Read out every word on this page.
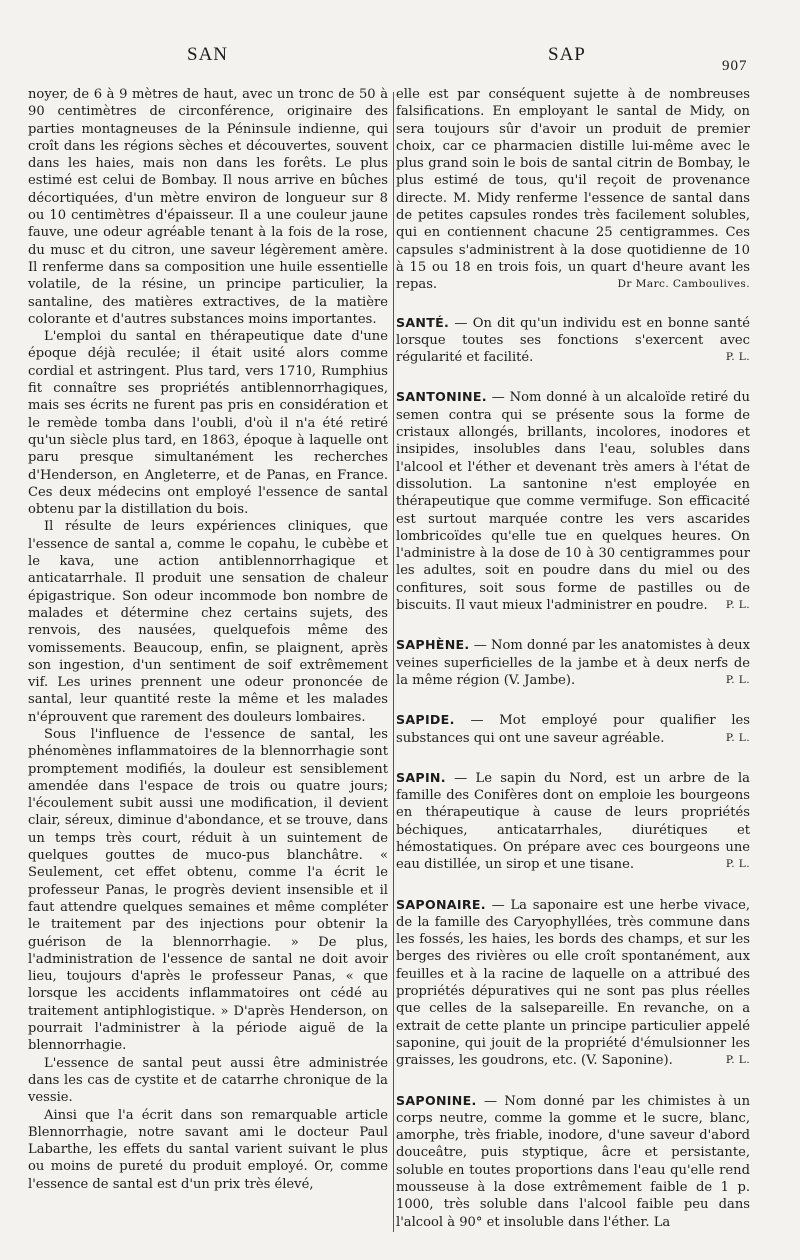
SAN	SAP
907

noyer, de 6 à 9 mètres de haut, avec un tronc de 50 à 90 centimètres de circonférence, originaire des parties montagneuses de la Péninsule indienne, qui croît dans les régions sèches et découvertes, souvent dans les haies, mais non dans les forêts. Le plus estimé est celui de Bombay. Il nous arrive en bûches décortiquées, d'un mètre environ de longueur sur 8 ou 10 centimètres d'épaisseur. Il a une couleur jaune fauve, une odeur agréable tenant à la fois de la rose, du musc et du citron, une saveur légèrement amère. Il renferme dans sa composition une huile essentielle volatile, de la résine, un principe particulier, la santaline, des matières extractives, de la matière colorante et d'autres substances moins importantes.

L'emploi du santal en thérapeutique date d'une époque déjà reculée; il était usité alors comme cordial et astringent. Plus tard, vers 1710, Rumphius fit connaître ses propriétés antiblennorrhagiques, mais ses écrits ne furent pas pris en considération et le remède tomba dans l'oubli, d'où il n'a été retiré qu'un siècle plus tard, en 1863, époque à laquelle ont paru presque simultanément les recherches d'Henderson, en Angleterre, et de Panas, en France. Ces deux médecins ont employé l'essence de santal obtenu par la distillation du bois.

Il résulte de leurs expériences cliniques, que l'essence de santal a, comme le copahu, le cubèbe et le kava, une action antiblennorrhagique et anticatarrhale. Il produit une sensation de chaleur épigastrique. Son odeur incommode bon nombre de malades et détermine chez certains sujets, des renvois, des nausées, quelquefois même des vomissements. Beaucoup, enfin, se plaignent, après son ingestion, d'un sentiment de soif extrêmement vif. Les urines prennent une odeur prononcée de santal, leur quantité reste la même et les malades n'éprouvent que rarement des douleurs lombaires.

Sous l'influence de l'essence de santal, les phénomènes inflammatoires de la blennorrhagie sont promptement modifiés, la douleur est sensiblement amendée dans l'espace de trois ou quatre jours; l'écoulement subit aussi une modification, il devient clair, séreux, diminue d'abondance, et se trouve, dans un temps très court, réduit à un suintement de quelques gouttes de muco-pus blanchâtre. « Seulement, cet effet obtenu, comme l'a écrit le professeur Panas, le progrès devient insensible et il faut attendre quelques semaines et même compléter le traitement par des injections pour obtenir la guérison de la blennorrhagie. » De plus, l'administration de l'essence de santal ne doit avoir lieu, toujours d'après le professeur Panas, « que lorsque les accidents inflammatoires ont cédé au traitement antiphlogistique. » D'après Henderson, on pourrait l'administrer à la période aiguë de la blennorrhagie.

L'essence de santal peut aussi être administrée dans les cas de cystite et de catarrhe chronique de la vessie.

Ainsi que l'a écrit dans son remarquable article Blennorrhagie, notre savant ami le docteur Paul Labarthe, les effets du santal varient suivant le plus ou moins de pureté du produit employé. Or, comme l'essence de santal est d'un prix très élevé,

elle est par conséquent sujette à de nombreuses falsifications. En employant le santal de Midy, on sera toujours sûr d'avoir un produit de premier choix, car ce pharmacien distille lui-même avec le plus grand soin le bois de santal citrin de Bombay, le plus estimé de tous, qu'il reçoit de provenance directe. M. Midy renferme l'essence de santal dans de petites capsules rondes très facilement solubles, qui en contiennent chacune 25 centigrammes. Ces capsules s'administrent à la dose quotidienne de 10 à 15 ou 18 en trois fois, un quart d'heure avant les repas.	Dr Marc. Camboulives.

SANTÉ. — On dit qu'un individu est en bonne santé lorsque toutes ses fonctions s'exercent avec régularité et facilité.	P. L.

SANTONINE. — Nom donné à un alcaloïde retiré du semen contra qui se présente sous la forme de cristaux allongés, brillants, incolores, inodores et insipides, insolubles dans l'eau, solubles dans l'alcool et l'éther et devenant très amers à l'état de dissolution. La santonine n'est employée en thérapeutique que comme vermifuge. Son efficacité est surtout marquée contre les vers ascarides lombricoïdes qu'elle tue en quelques heures. On l'administre à la dose de 10 à 30 centigrammes pour les adultes, soit en poudre dans du miel ou des confitures, soit sous forme de pastilles ou de biscuits. Il vaut mieux l'administrer en poudre. P. L.

SAPHÈNE. — Nom donné par les anatomistes à deux veines superficielles de la jambe et à deux nerfs de la même région (V. Jambe).	P. L.

SAPIDE. — Mot employé pour qualifier les substances qui ont une saveur agréable.	P. L.

SAPIN. — Le sapin du Nord, est un arbre de la famille des Conifères dont on emploie les bourgeons en thérapeutique à cause de leurs propriétés béchiques, anticatarrhales, diurétiques et hémostatiques. On prépare avec ces bourgeons une eau distillée, un sirop et une tisane.	P. L.

SAPONAIRE. — La saponaire est une herbe vivace, de la famille des Caryophyllées, très commune dans les fossés, les haies, les bords des champs, et sur les berges des rivières ou elle croît spontanément, aux feuilles et à la racine de laquelle on a attribué des propriétés dépuratives qui ne sont pas plus réelles que celles de la salsepareille. En revanche, on a extrait de cette plante un principe particulier appelé saponine, qui jouit de la propriété d'émulsionner les graisses, les goudrons, etc. (V. Saponine).	P. L.

SAPONINE. — Nom donné par les chimistes à un corps neutre, comme la gomme et le sucre, blanc, amorphe, très friable, inodore, d'une saveur d'abord douceâtre, puis styptique, âcre et persistante, soluble en toutes proportions dans l'eau qu'elle rend mousseuse à la dose extrêmement faible de 1 p. 1000, très soluble dans l'alcool faible peu dans l'alcool à 90° et insoluble dans l'éther. La
